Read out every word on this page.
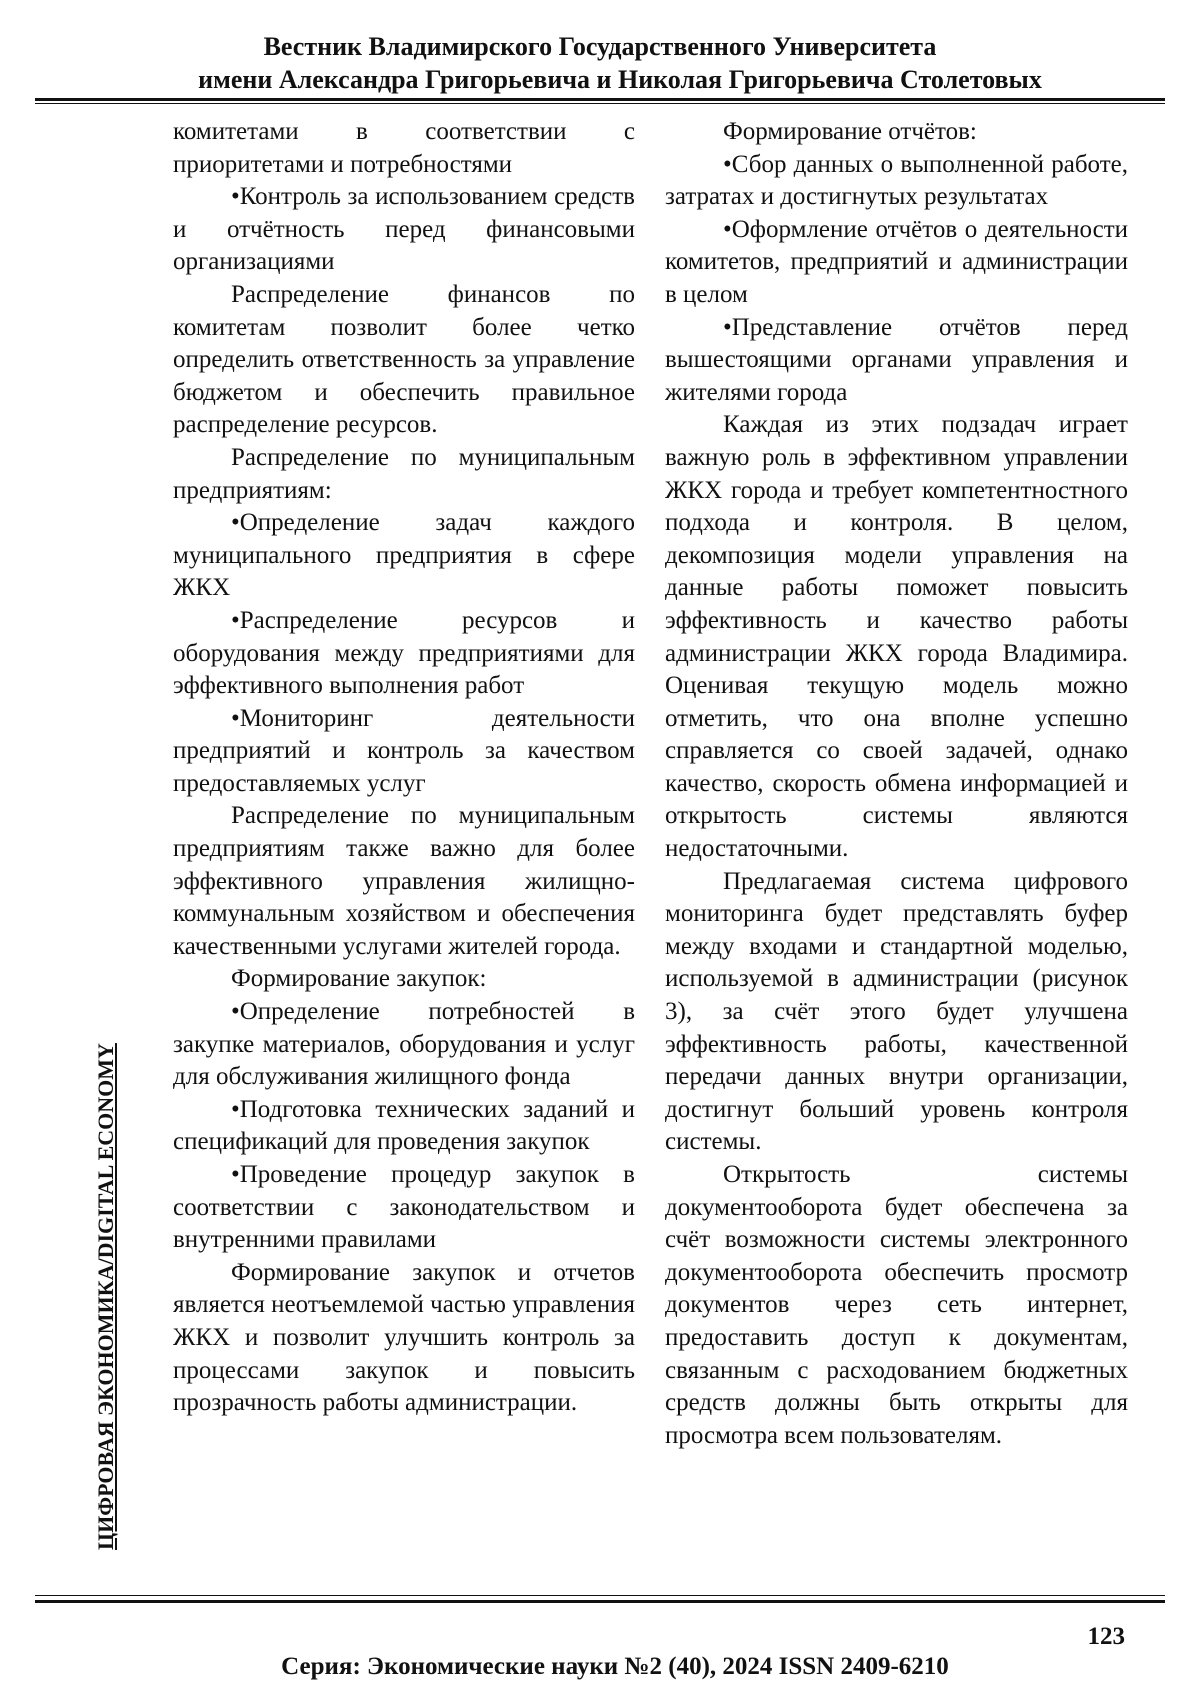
Вестник Владимирского Государственного Университета
имени Александра Григорьевича и Николая Григорьевича Столетовых

комитетами в соответствии с приоритетами и потребностями

•Контроль за использованием средств и отчётность перед финансовыми организациями

Распределение финансов по комитетам позволит более четко определить ответственность за управление бюджетом и обеспечить правильное распределение ресурсов.

Распределение по муниципальным предприятиям:

•Определение задач каждого муниципального предприятия в сфере ЖКХ

•Распределение ресурсов и оборудования между предприятиями для эффективного выполнения работ

•Мониторинг деятельности предприятий и контроль за качеством предоставляемых услуг

Распределение по муниципальным предприятиям также важно для более эффективного управления жилищно-коммунальным хозяйством и обеспечения качественными услугами жителей города.

Формирование закупок:

•Определение потребностей в закупке материалов, оборудования и услуг для обслуживания жилищного фонда

•Подготовка технических заданий и спецификаций для проведения закупок

•Проведение процедур закупок в соответствии с законодательством и внутренними правилами

Формирование закупок и отчетов является неотъемлемой частью управления ЖКХ и позволит улучшить контроль за процессами закупок и повысить прозрачность работы администрации.

Формирование отчётов:

•Сбор данных о выполненной работе, затратах и достигнутых результатах

•Оформление отчётов о деятельности комитетов, предприятий и администрации в целом

•Представление отчётов перед вышестоящими органами управления и жителями города

Каждая из этих подзадач играет важную роль в эффективном управлении ЖКХ города и требует компетентностного подхода и контроля. В целом, декомпозиция модели управления на данные работы поможет повысить эффективность и качество работы администрации ЖКХ города Владимира. Оценивая текущую модель можно отметить, что она вполне успешно справляется со своей задачей, однако качество, скорость обмена информацией и открытость системы являются недостаточными.

Предлагаемая система цифрового мониторинга будет представлять буфер между входами и стандартной моделью, используемой в администрации (рисунок 3), за счёт этого будет улучшена эффективность работы, качественной передачи данных внутри организации, достигнут больший уровень контроля системы.

Открытость системы документооборота будет обеспечена за счёт возможности системы электронного документооборота обеспечить просмотр документов через сеть интернет, предоставить доступ к документам, связанным с расходованием бюджетных средств должны быть открыты для просмотра всем пользователям.

ЦИФРОВАЯ ЭКОНОМИКА/DIGITAL ECONOMY
123
Серия: Экономические науки №2 (40), 2024 ISSN 2409-6210
